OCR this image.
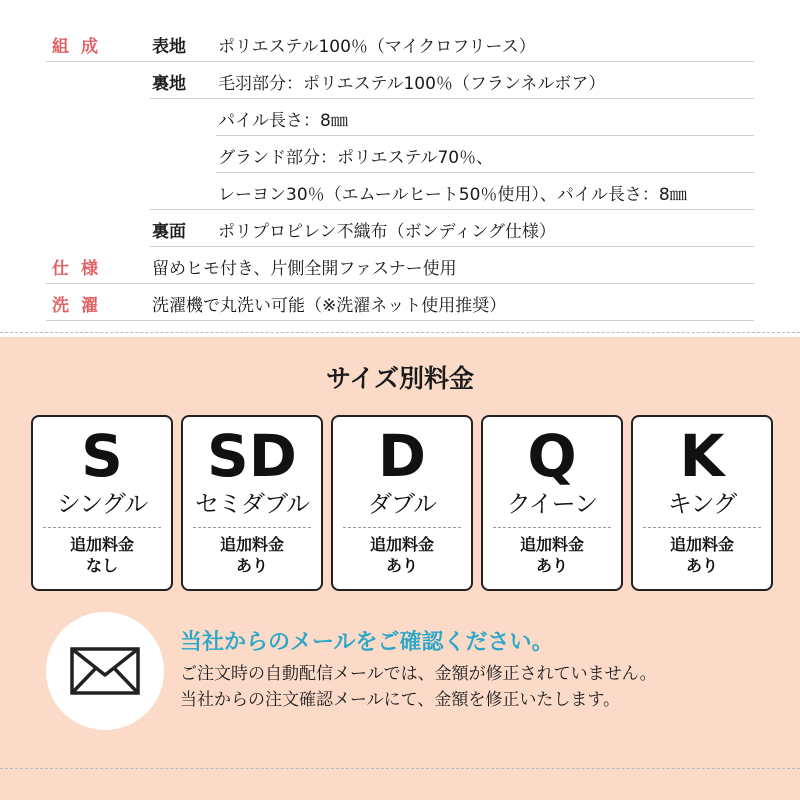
組成 表地 ポリエステル100％（マイクロフリース）
裏地 毛羽部分：ポリエステル100％（フランネルボア）
パイル長さ：8㎜
グランド部分：ポリエステル70％、
レーヨン30％（エムールヒート50％使用）、パイル長さ：8㎜
裏面 ポリプロピレン不織布（ボンディング仕様）
仕様 留めヒモ付き、片側全開ファスナー使用
洗濯 洗濯機で丸洗い可能（※洗濯ネット使用推奨）
サイズ別料金
S
シングル
追加料金
なし
SD
セミダブル
追加料金
あり
D
ダブル
追加料金
あり
Q
クイーン
追加料金
あり
K
キング
追加料金
あり
当社からのメールをご確認ください。
ご注文時の自動配信メールでは、金額が修正されていません。
当社からの注文確認メールにて、金額を修正いたします。
